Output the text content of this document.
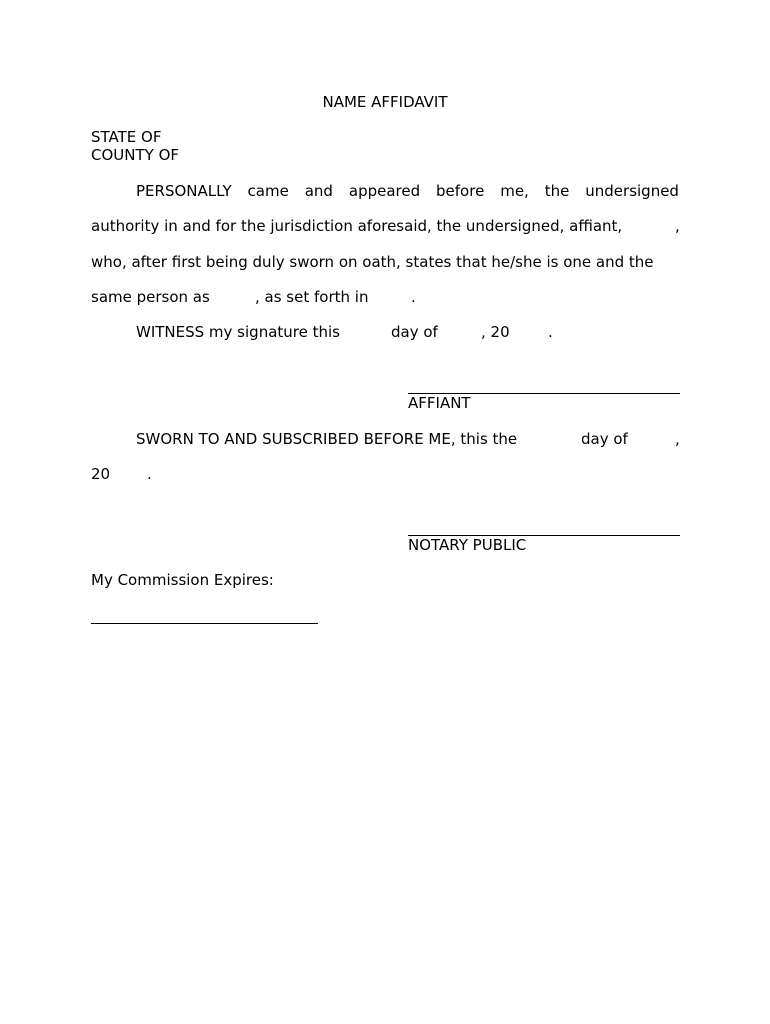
NAME AFFIDAVIT
STATE OF
COUNTY OF
PERSONALLY came and appeared before me, the undersigned
authority in and for the jurisdiction aforesaid, the undersigned, affiant,	,
who, after first being duly sworn on oath, states that he/she is one and the
same person as	, as set forth in	.
WITNESS my signature this	day of	, 20	.
AFFIANT
SWORN TO AND SUBSCRIBED BEFORE ME, this the	day of	,
20 .
NOTARY PUBLIC
My Commission Expires:
